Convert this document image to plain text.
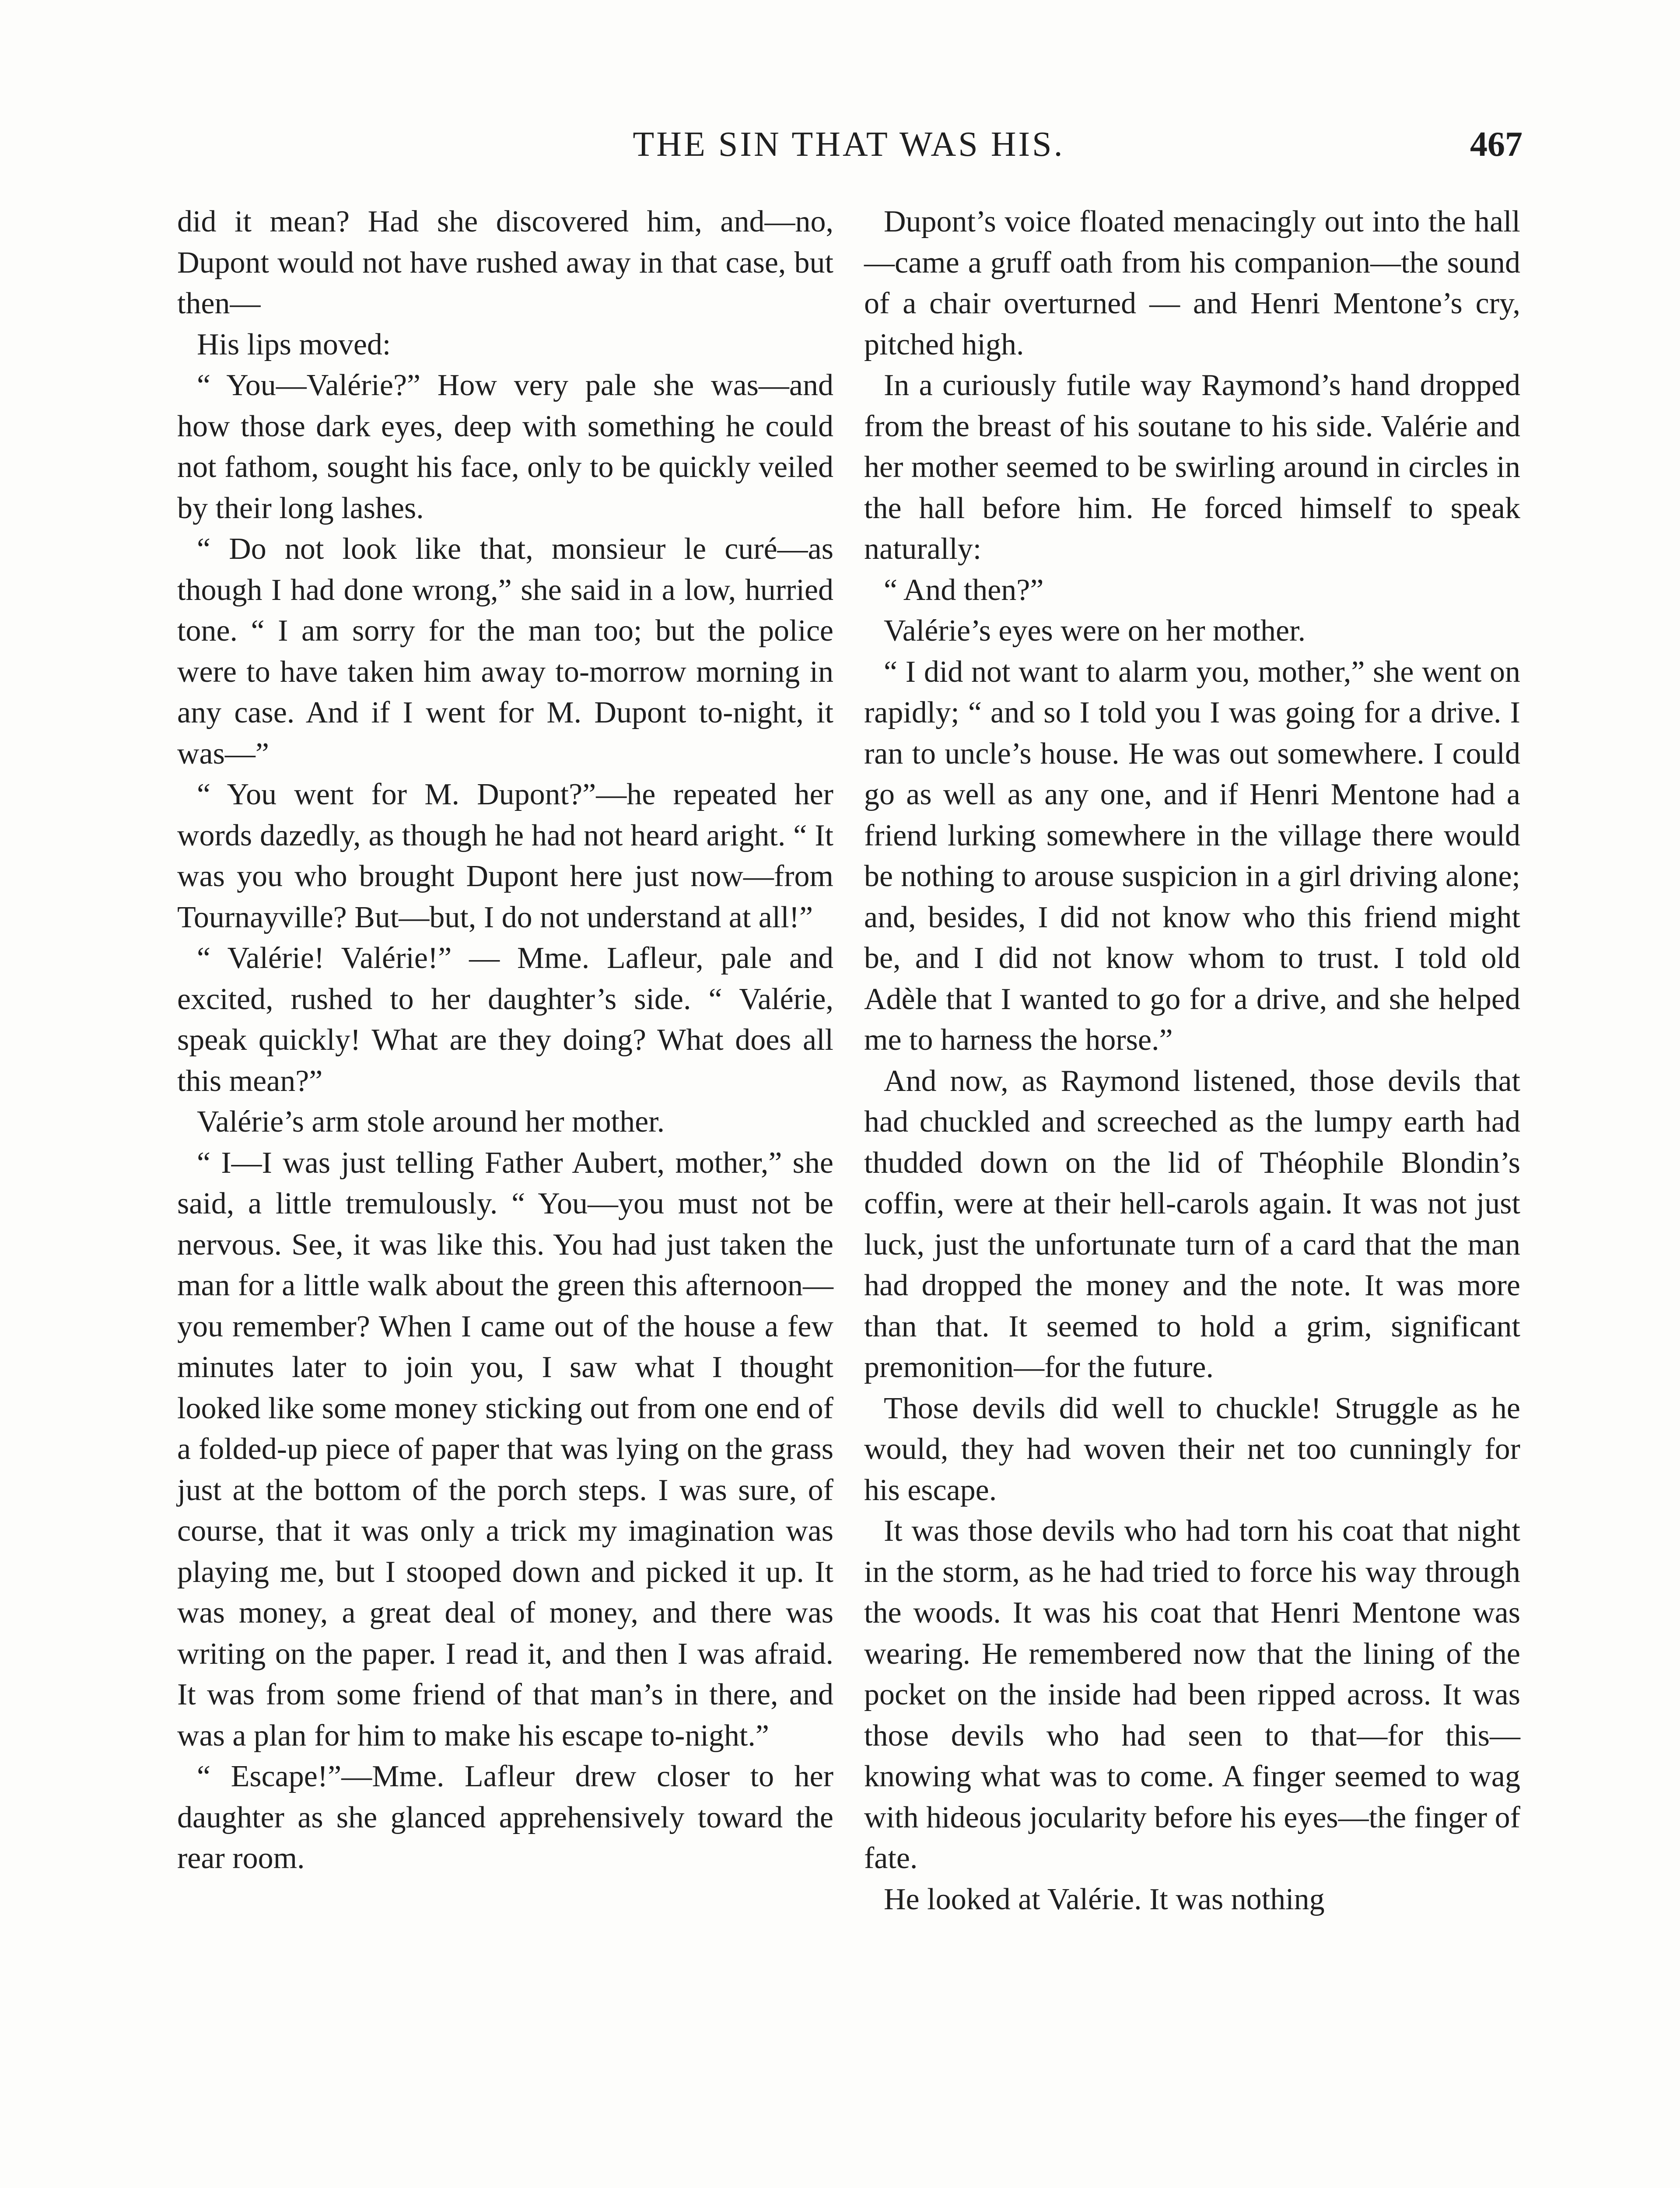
THE SIN THAT WAS HIS.	467

did it mean? Had she discovered him, and—no, Dupont would not have rushed away in that case, but then—

His lips moved:

“ You—Valérie?” How very pale she was—and how those dark eyes, deep with something he could not fathom, sought his face, only to be quickly veiled by their long lashes.

“ Do not look like that, monsieur le curé—as though I had done wrong,” she said in a low, hurried tone. “ I am sorry for the man too; but the police were to have taken him away to-morrow morning in any case. And if I went for M. Dupont to-night, it was—”

“ You went for M. Dupont?”—he repeated her words dazedly, as though he had not heard aright. “ It was you who brought Dupont here just now—from Tournayville? But—but, I do not understand at all!”

“ Valérie! Valérie!” — Mme. Lafleur, pale and excited, rushed to her daughter’s side. “ Valérie, speak quickly! What are they doing? What does all this mean?”

Valérie’s arm stole around her mother.

“ I—I was just telling Father Aubert, mother,” she said, a little tremulously. “ You—you must not be nervous. See, it was like this. You had just taken the man for a little walk about the green this afternoon—you remember? When I came out of the house a few minutes later to join you, I saw what I thought looked like some money sticking out from one end of a folded-up piece of paper that was lying on the grass just at the bottom of the porch steps. I was sure, of course, that it was only a trick my imagination was playing me, but I stooped down and picked it up. It was money, a great deal of money, and there was writing on the paper. I read it, and then I was afraid. It was from some friend of that man’s in there, and was a plan for him to make his escape to-night.”

“ Escape!”—Mme. Lafleur drew closer to her daughter as she glanced apprehensively toward the rear room.

Dupont’s voice floated menacingly out into the hall—came a gruff oath from his companion—the sound of a chair overturned — and Henri Mentone’s cry, pitched high.

In a curiously futile way Raymond’s hand dropped from the breast of his soutane to his side. Valérie and her mother seemed to be swirling around in circles in the hall before him. He forced himself to speak naturally:

“ And then?”

Valérie’s eyes were on her mother.

“ I did not want to alarm you, mother,” she went on rapidly; “ and so I told you I was going for a drive. I ran to uncle’s house. He was out somewhere. I could go as well as any one, and if Henri Mentone had a friend lurking somewhere in the village there would be nothing to arouse suspicion in a girl driving alone; and, besides, I did not know who this friend might be, and I did not know whom to trust. I told old Adèle that I wanted to go for a drive, and she helped me to harness the horse.”

And now, as Raymond listened, those devils that had chuckled and screeched as the lumpy earth had thudded down on the lid of Théophile Blondin’s coffin, were at their hell-carols again. It was not just luck, just the unfortunate turn of a card that the man had dropped the money and the note. It was more than that. It seemed to hold a grim, significant premonition—for the future.

Those devils did well to chuckle! Struggle as he would, they had woven their net too cunningly for his escape.

It was those devils who had torn his coat that night in the storm, as he had tried to force his way through the woods. It was his coat that Henri Mentone was wearing. He remembered now that the lining of the pocket on the inside had been ripped across. It was those devils who had seen to that—for this—knowing what was to come. A finger seemed to wag with hideous jocularity before his eyes—the finger of fate.

He looked at Valérie. It was nothing
